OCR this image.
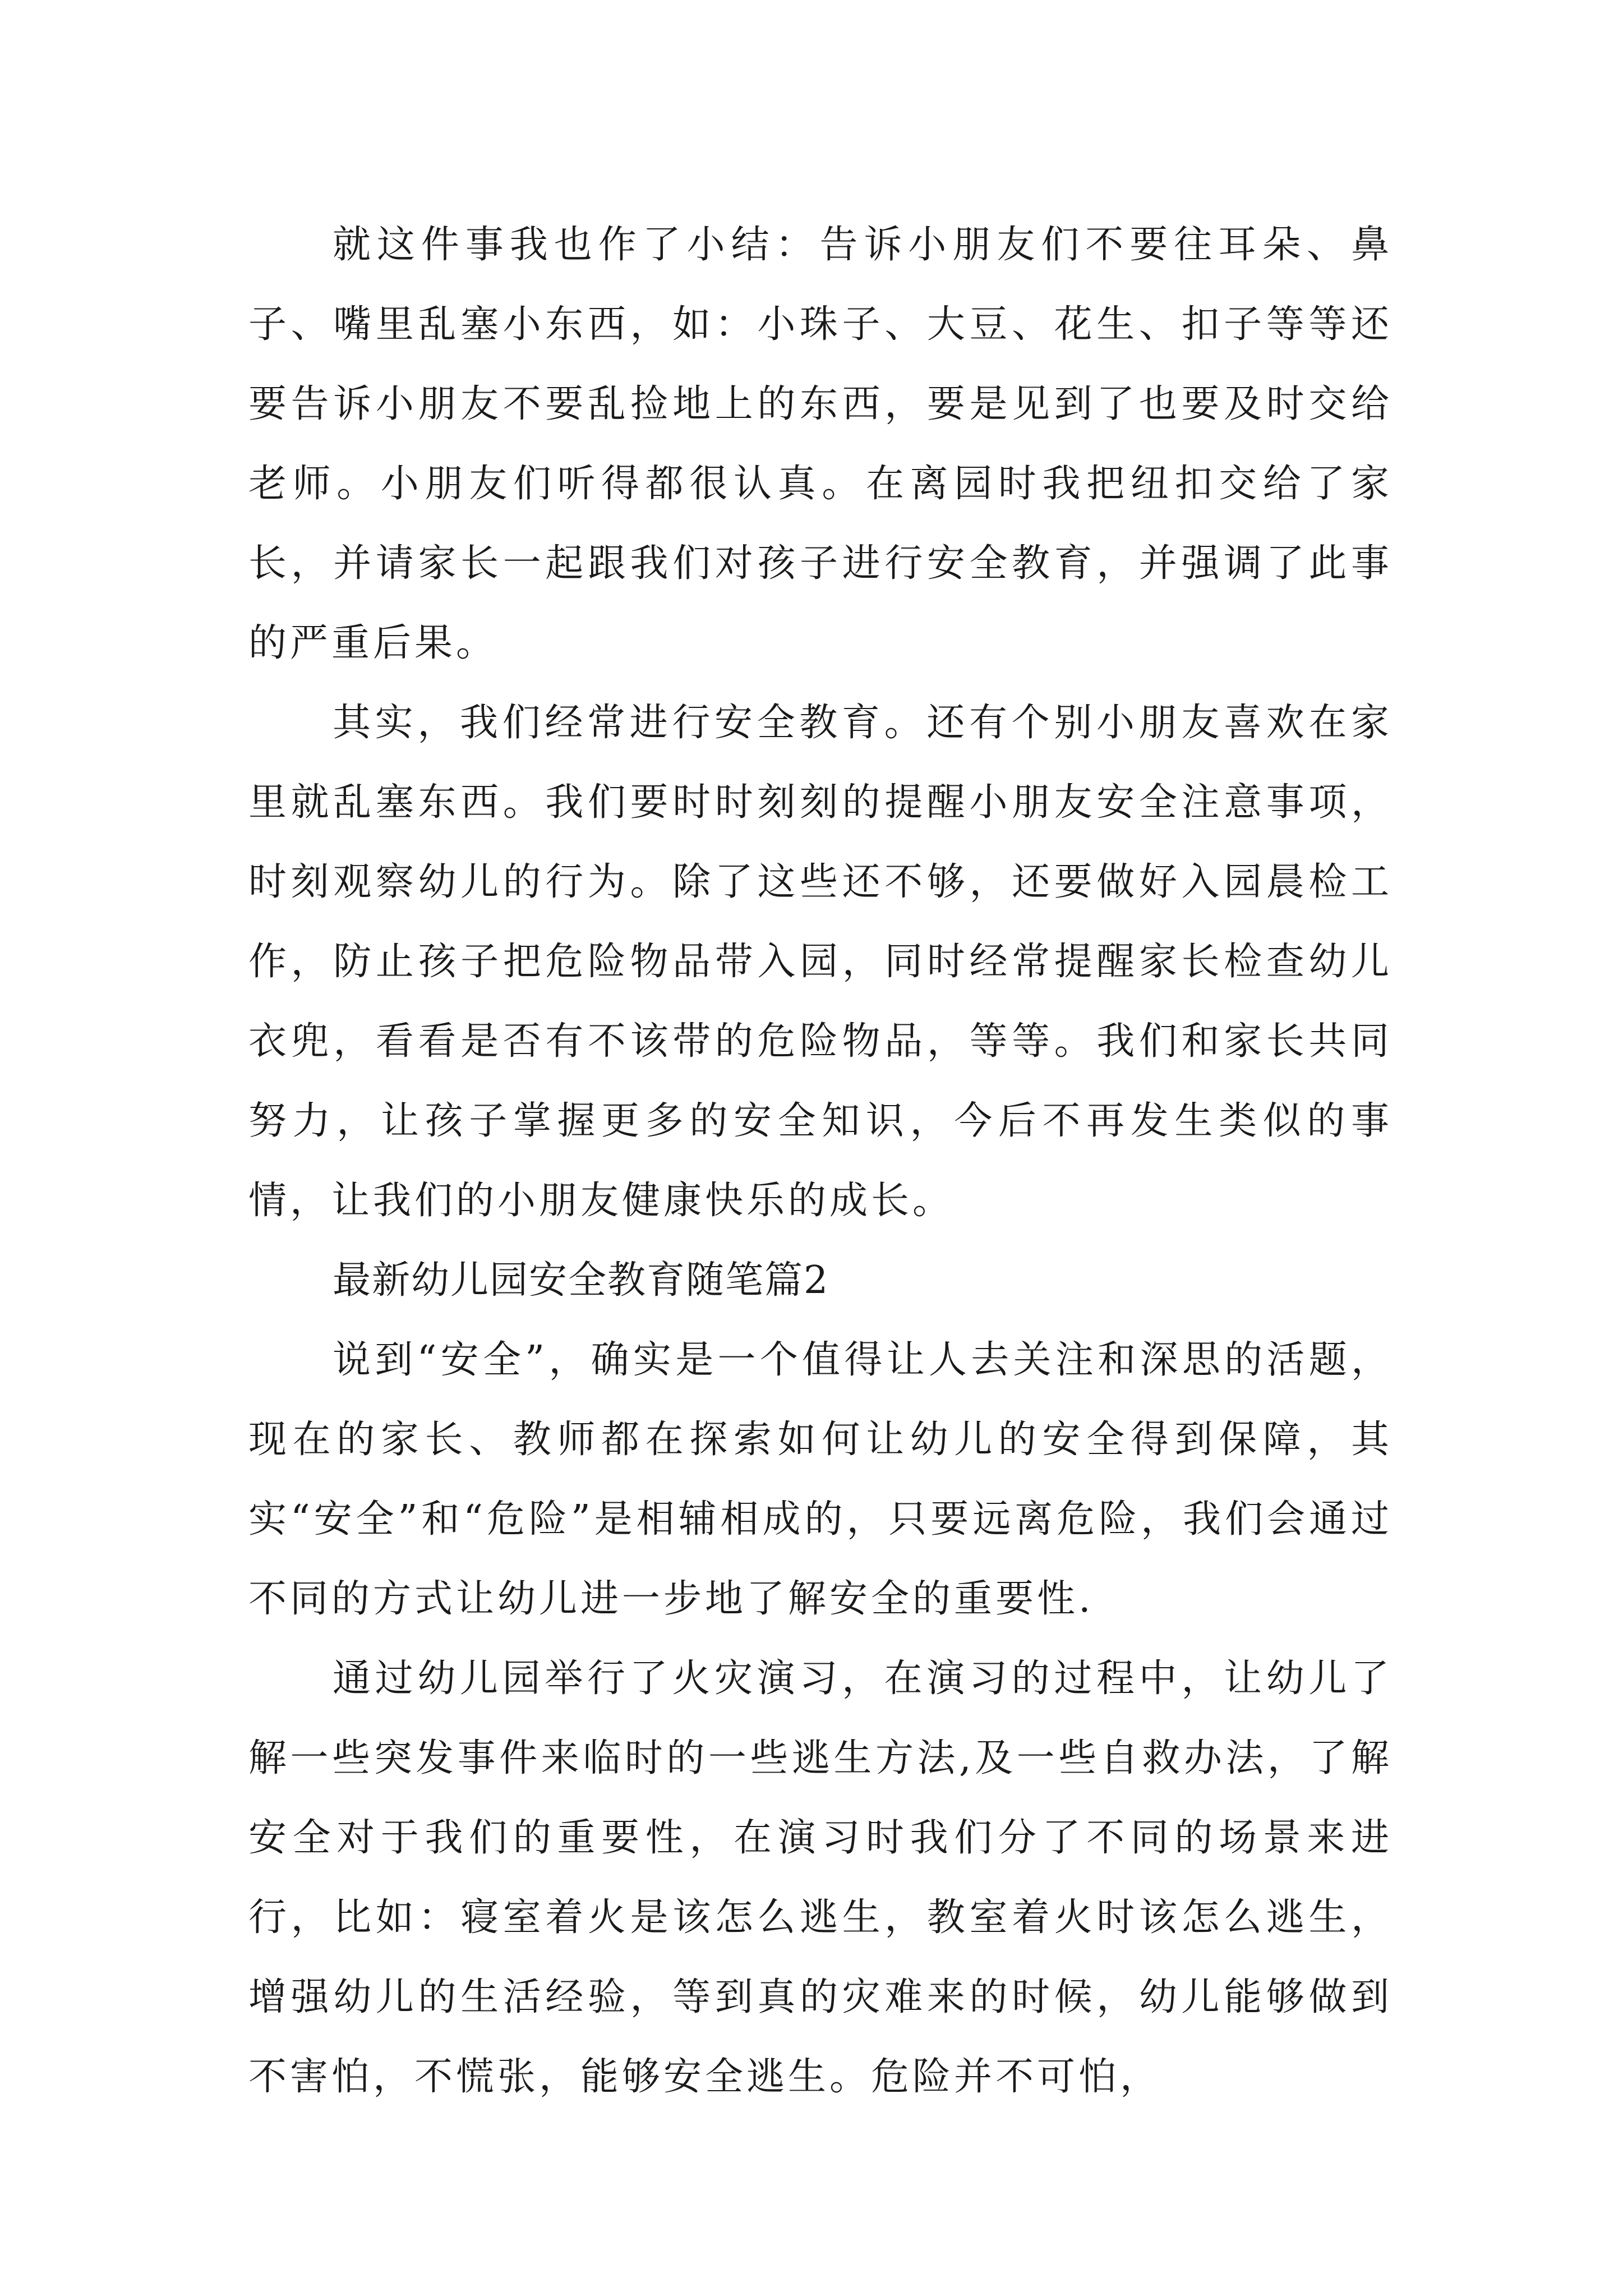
就这件事我也作了小结：告诉小朋友们不要往耳朵、鼻子、嘴里乱塞小东西，如：小珠子、大豆、花生、扣子等等还要告诉小朋友不要乱捡地上的东西，要是见到了也要及时交给老师。小朋友们听得都很认真。在离园时我把纽扣交给了家长，并请家长一起跟我们对孩子进行安全教育，并强调了此事的严重后果。

其实，我们经常进行安全教育。还有个别小朋友喜欢在家里就乱塞东西。我们要时时刻刻的提醒小朋友安全注意事项，时刻观察幼儿的行为。除了这些还不够，还要做好入园晨检工作，防止孩子把危险物品带入园，同时经常提醒家长检查幼儿衣兜，看看是否有不该带的危险物品，等等。我们和家长共同努力，让孩子掌握更多的安全知识，今后不再发生类似的事情，让我们的小朋友健康快乐的成长。

最新幼儿园安全教育随笔篇2

说到“安全”，确实是一个值得让人去关注和深思的活题，现在的家长、教师都在探索如何让幼儿的安全得到保障，其实“安全”和“危险”是相辅相成的，只要远离危险，我们会通过不同的方式让幼儿进一步地了解安全的重要性.

通过幼儿园举行了火灾演习，在演习的过程中，让幼儿了解一些突发事件来临时的一些逃生方法,及一些自救办法，了解安全对于我们的重要性，在演习时我们分了不同的场景来进行，比如：寝室着火是该怎么逃生，教室着火时该怎么逃生，增强幼儿的生活经验，等到真的灾难来的时候，幼儿能够做到不害怕，不慌张，能够安全逃生。危险并不可怕，
